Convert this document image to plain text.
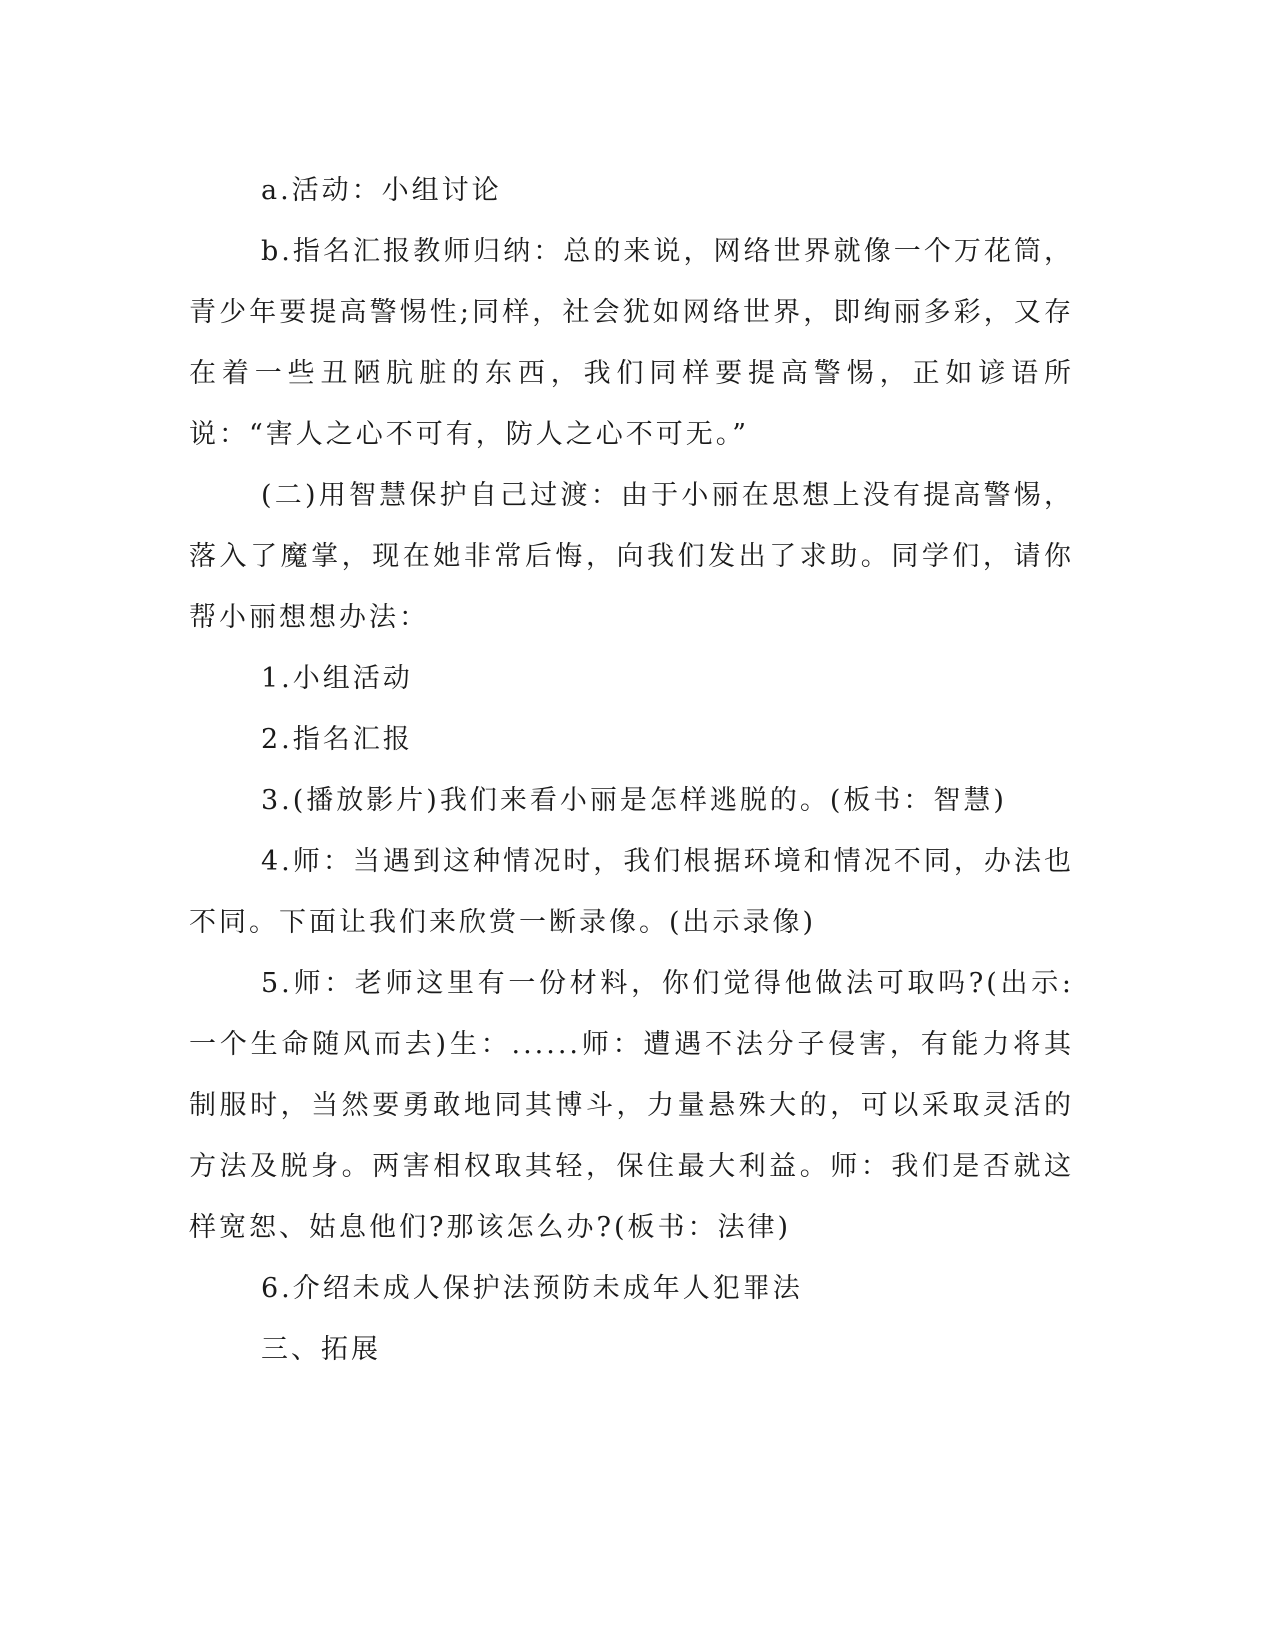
a.活动：小组讨论

b.指名汇报教师归纳：总的来说，网络世界就像一个万花筒，青少年要提高警惕性;同样，社会犹如网络世界，即绚丽多彩，又存在着一些丑陋肮脏的东西，我们同样要提高警惕，正如谚语所说：“害人之心不可有，防人之心不可无。”

(二)用智慧保护自己过渡：由于小丽在思想上没有提高警惕，落入了魔掌，现在她非常后悔，向我们发出了求助。同学们，请你帮小丽想想办法：

1.小组活动

2.指名汇报

3.(播放影片)我们来看小丽是怎样逃脱的。(板书：智慧)

4.师：当遇到这种情况时，我们根据环境和情况不同，办法也不同。下面让我们来欣赏一断录像。(出示录像)

5.师：老师这里有一份材料，你们觉得他做法可取吗?(出示:一个生命随风而去)生：......师：遭遇不法分子侵害，有能力将其制服时，当然要勇敢地同其博斗，力量悬殊大的，可以采取灵活的方法及脱身。两害相权取其轻，保住最大利益。师：我们是否就这样宽恕、姑息他们?那该怎么办?(板书：法律)

6.介绍未成人保护法预防未成年人犯罪法

三、拓展
